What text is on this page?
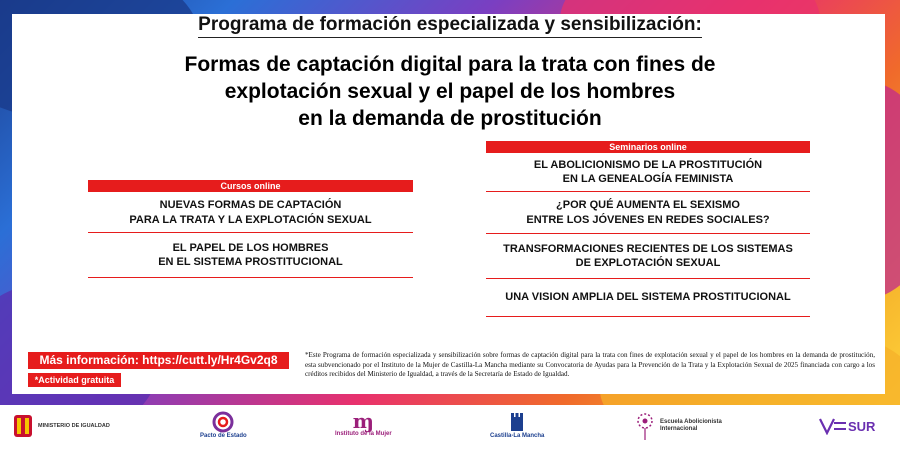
Programa de formación especializada y sensibilización:
Formas de captación digital para la trata con fines de
explotación sexual y el papel de los hombres
en la demanda de prostitución
Cursos online
NUEVAS FORMAS DE CAPTACIÓN
PARA LA TRATA Y LA EXPLOTACIÓN SEXUAL
EL PAPEL DE LOS HOMBRES
EN EL SISTEMA PROSTITUCIONAL
Seminarios online
EL ABOLICIONISMO DE LA PROSTITUCIÓN
EN LA GENEALOGÍA FEMINISTA
¿POR QUÉ AUMENTA EL SEXISMO
ENTRE LOS JÓVENES EN REDES SOCIALES?
TRANSFORMACIONES RECIENTES DE LOS SISTEMAS
DE EXPLOTACIÓN SEXUAL
UNA VISION AMPLIA DEL SISTEMA PROSTITUCIONAL
Más información: https://cutt.ly/Hr4Gv2q8
*Actividad gratuita
*Este Programa de formación especializada y sensibilización sobre formas de captación digital para la trata con fines de explotación sexual y el papel de los hombres en la demanda de prostitución, esta subvencionado por el Instituto de la Mujer de Castilla-La Mancha mediante su Convocatoria de Ayudas para la Prevención de la Trata y la Explotación Sexual de 2025 financiada con cargo a los créditos recibidos del Ministerio de Igualdad, a través de la Secretaría de Estado de Igualdad.
MINISTERIO DE IGUALDAD
Pacto de Estado
ɱ
Instituto de la Mujer	Castilla-La Mancha
Escuela Abolicionista Internacional	SUR
